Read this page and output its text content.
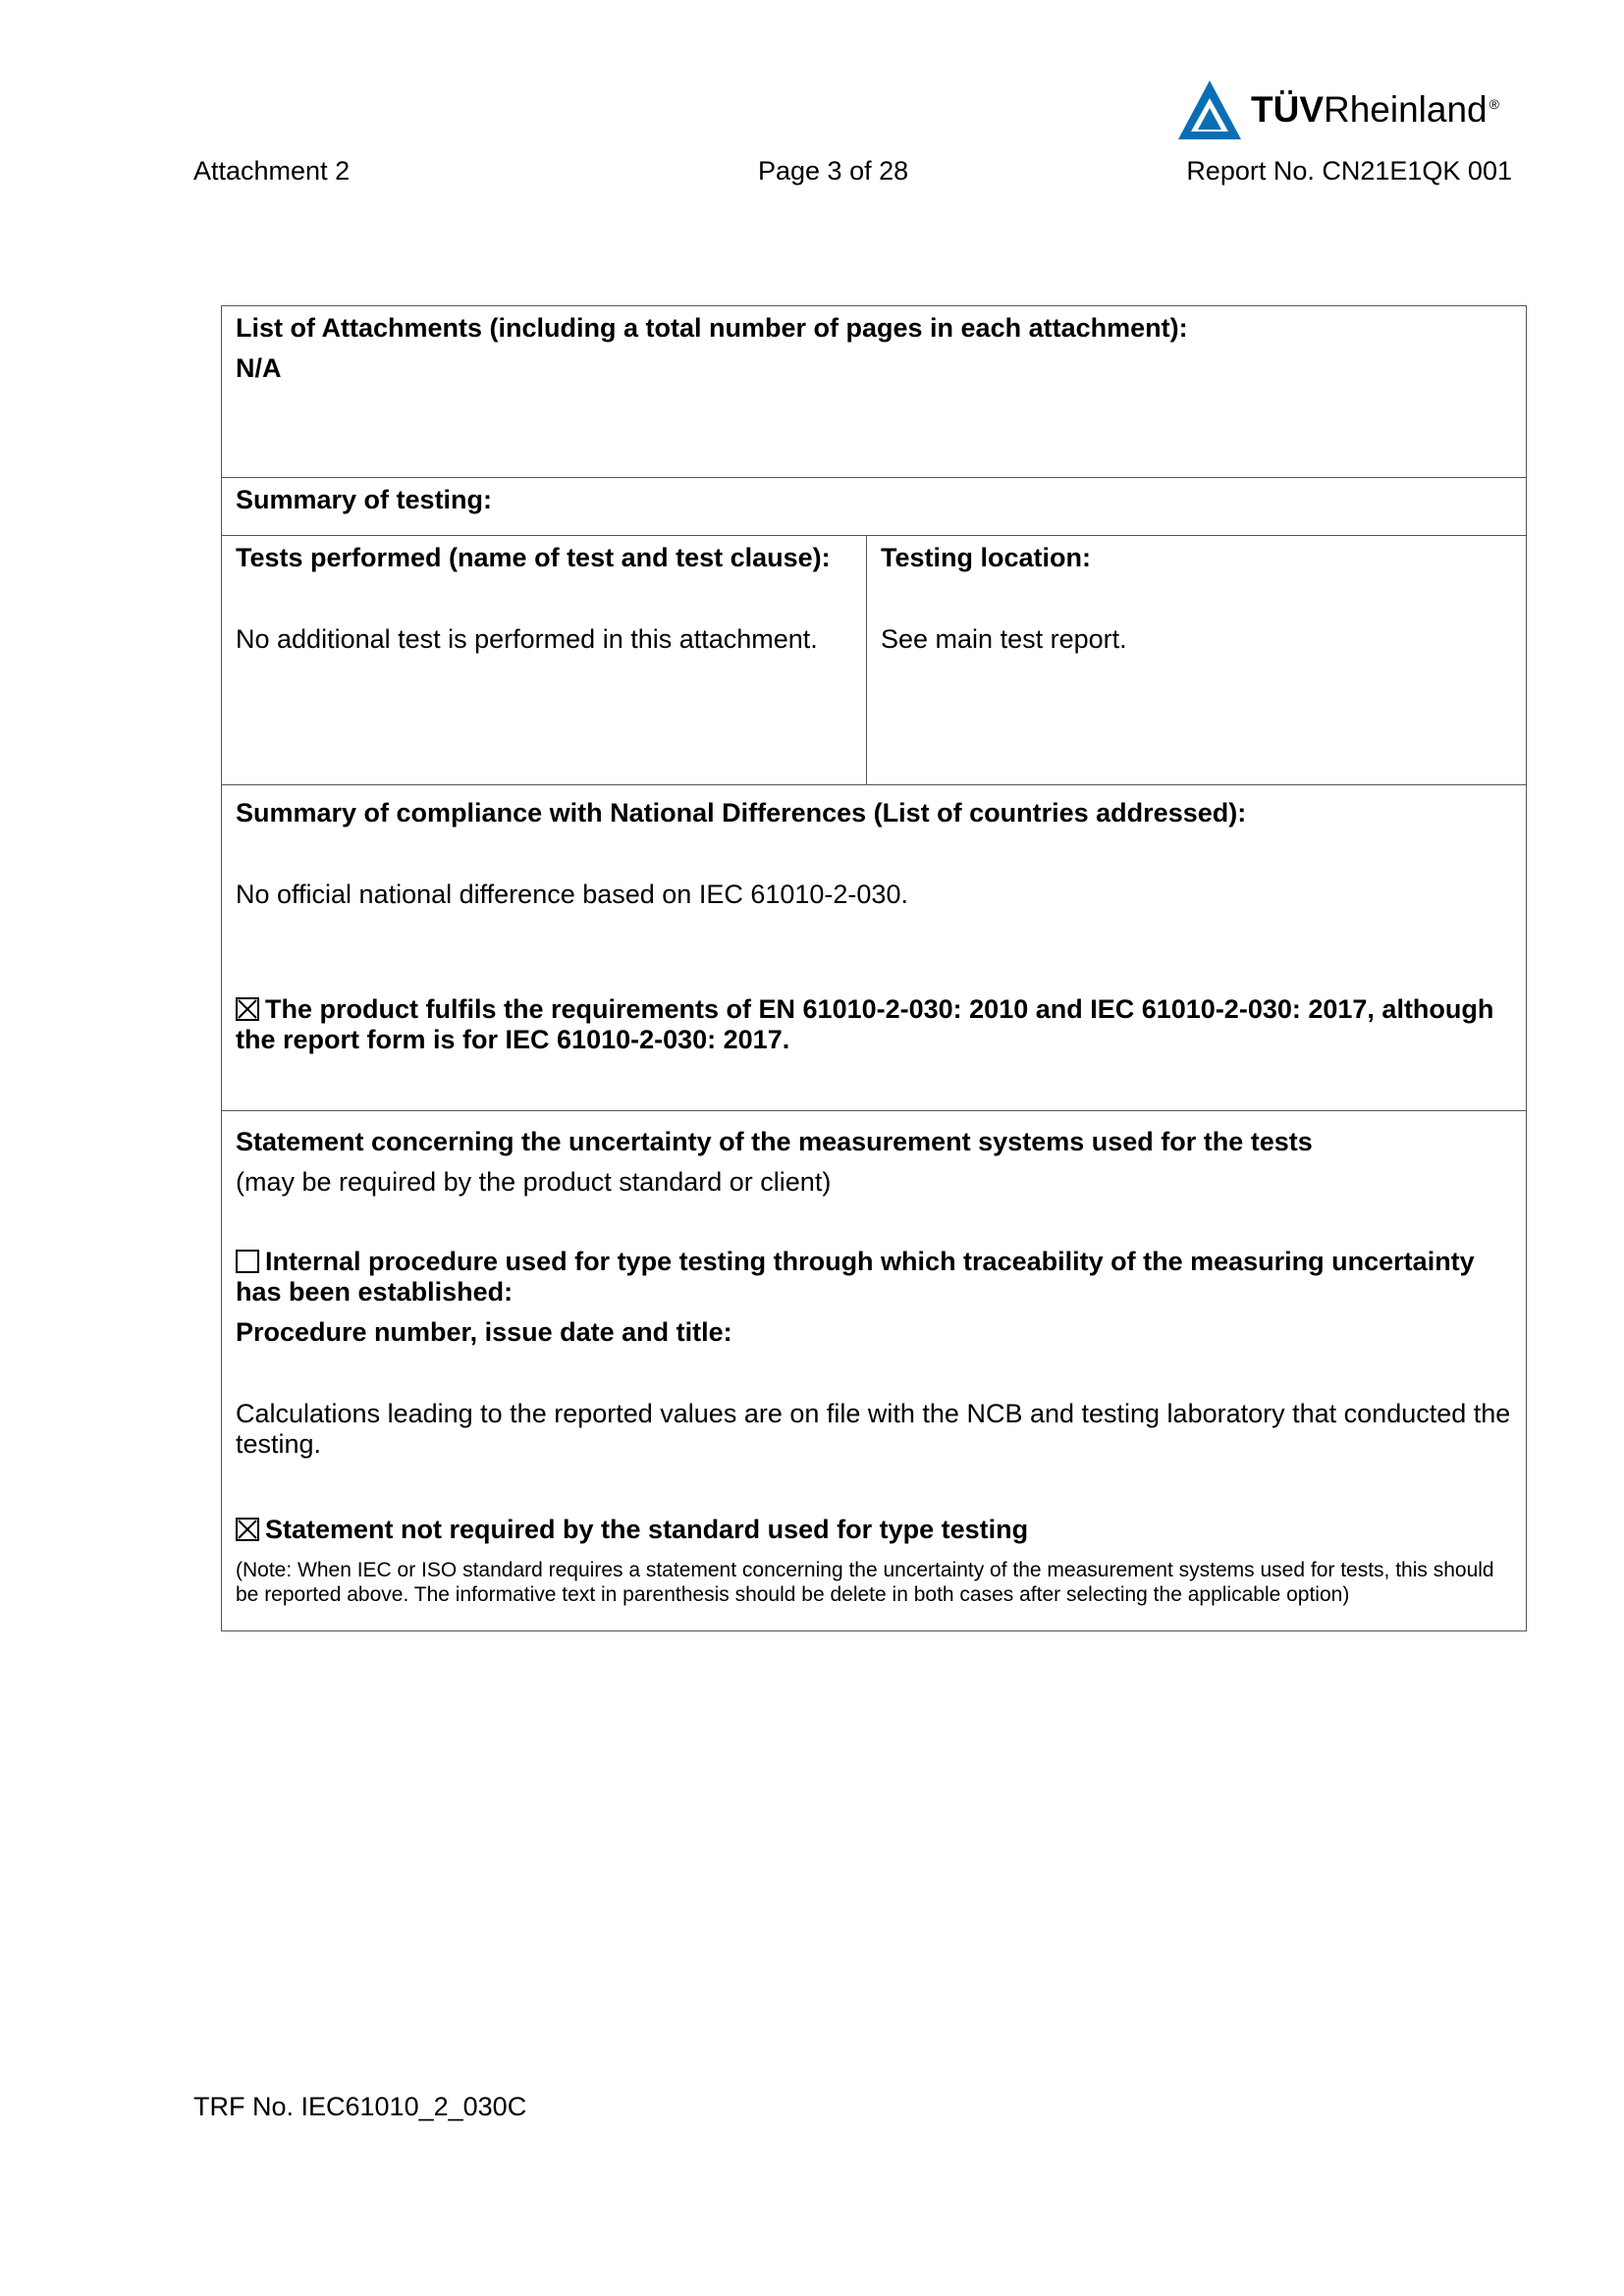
TÜVRheinland ®
Attachment 2	Page 3 of 28	Report No. CN21E1QK 001
List of Attachments (including a total number of pages in each attachment):
N/A
Summary of testing:
Tests performed (name of test and test clause):
No additional test is performed in this attachment.
Testing location:
See main test report.
Summary of compliance with National Differences (List of countries addressed):
No official national difference based on IEC 61010-2-030.
The product fulfils the requirements of EN 61010-2-030: 2010 and IEC 61010-2-030: 2017, although the report form is for IEC 61010-2-030: 2017.
Statement concerning the uncertainty of the measurement systems used for the tests
(may be required by the product standard or client)
Internal procedure used for type testing through which traceability of the measuring uncertainty has been established:
Procedure number, issue date and title:
Calculations leading to the reported values are on file with the NCB and testing laboratory that conducted the testing.
Statement not required by the standard used for type testing
(Note: When IEC or ISO standard requires a statement concerning the uncertainty of the measurement systems used for tests, this should be reported above. The informative text in parenthesis should be delete in both cases after selecting the applicable option)
TRF No. IEC61010_2_030C
